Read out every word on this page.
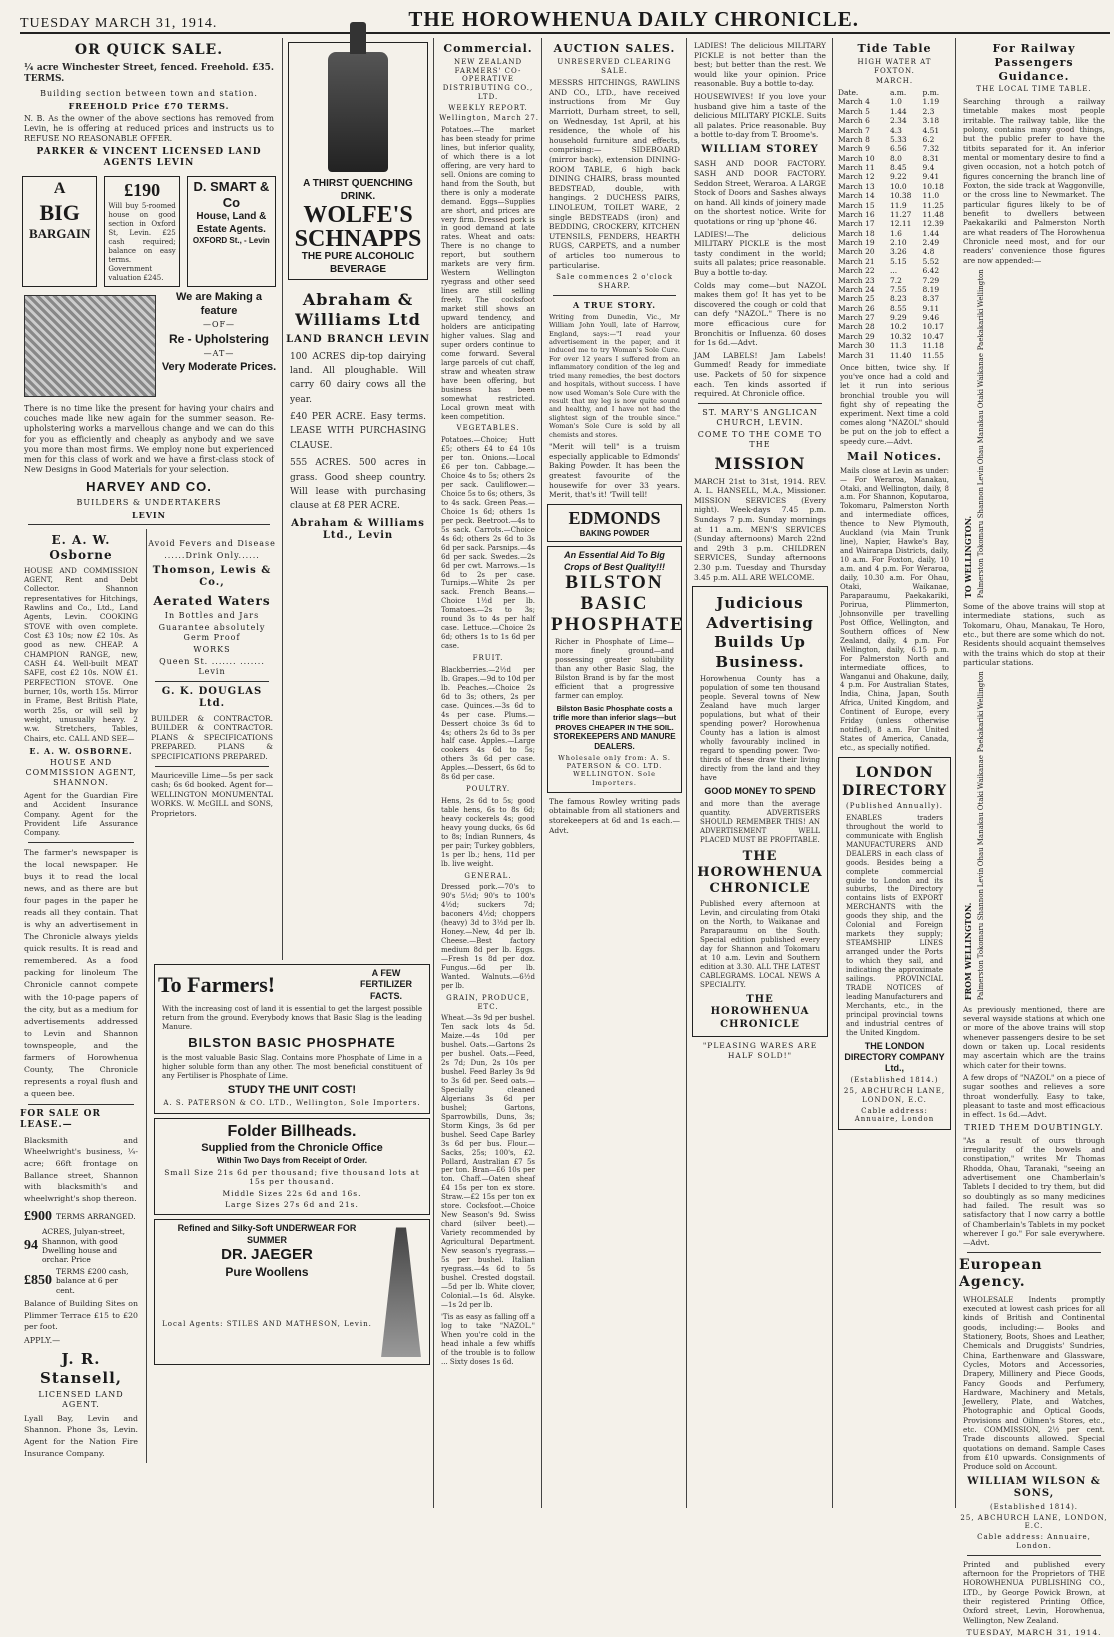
TUESDAY MARCH 31, 1914.	THE HOROWHENUA DAILY CHRONICLE.
OR QUICK SALE.
¼ acre Winchester Street, fenced. Freehold. £35. TERMS.
Building section between town and station.
FREEHOLD Price £70 TERMS.
N. B. As the owner of the above sections has removed from Levin, he is offering at reduced prices and instructs us to REFUSE NO REASONABLE OFFER.
PARKER & VINCENT LICENSED LAND AGENTS LEVIN
A
BIG
BARGAIN
£190
Will buy 5-roomed house on good section in Oxford St, Levin. £25 cash required; balance on easy terms. Government valuation £245.
D. SMART & Co
House, Land & Estate Agents.
OXFORD St., - Levin
We are Making a feature
—OF—
Re - Upholstering
—AT—
Very Moderate Prices.
There is no time like the present for having your chairs and couches made like new again for the summer season. Re-upholstering works a marvellous change and we can do this for you as efficiently and cheaply as anybody and we save you more than most firms. We employ none but experienced men for this class of work and we have a first-class stock of New Designs in Good Materials for your selection.
HARVEY AND CO.
BUILDERS & UNDERTAKERS
LEVIN
E. A. W. Osborne
HOUSE AND COMMISSION AGENT, Rent and Debt Collector. Shannon representatives for Hitchings, Rawlins and Co., Ltd., Land Agents, Levin. COOKING STOVE with oven complete. Cost £3 10s; now £2 10s. As good as new. CHEAP. A CHAMPION RANGE, new, CASH £4. Well-built MEAT SAFE, cost £2 10s. NOW £1. PERFECTION STOVE. One burner, 10s, worth 15s. Mirror in Frame, Best British Plate, worth 25s, or will sell by weight, unusually heavy. 2 w.w. Stretchers, Tables, Chairs, etc. CALL AND SEE—
E. A. W. OSBORNE.
HOUSE AND COMMISSION AGENT, SHANNON.
Agent for the Guardian Fire and Accident Insurance Company. Agent for the Provident Life Assurance Company.
The farmer's newspaper is the local newspaper. He buys it to read the local news, and as there are but four pages in the paper he reads all they contain. That is why an advertisement in The Chronicle always yields quick results. It is read and remembered. As a food packing for linoleum The Chronicle cannot compete with the 10-page papers of the city, but as a medium for advertisements addressed to Levin and Shannon townspeople, and the farmers of Horowhenua County, The Chronicle represents a royal flush and a queen bee.
FOR SALE OR LEASE.—
Blacksmith and Wheelwright's business, ¼-acre; 66ft frontage on Ballance street, Shannon with blacksmith's and wheelwright's shop thereon.
£900 TERMS ARRANGED.
94
ACRES, Julyan-street, Shannon, with good Dwelling house and orchar. Price
£850
TERMS £200 cash, balance at 6 per cent.
Balance of Building Sites on Plimmer Terrace £15 to £20 per foot.
APPLY.—
J. R. Stansell,
LICENSED LAND AGENT.
Lyall Bay, Levin and Shannon. Phone 3s, Levin. Agent for the Nation Fire Insurance Company.
Avoid Fevers and Disease
......Drink Only......
Thomson, Lewis & Co.,
Aerated Waters
In Bottles and Jars
Guarantee absolutely Germ Proof
WORKS
Queen St. ....... ....... Levin
G. K. DOUGLAS Ltd.
BUILDER & CONTRACTOR. BUILDER & CONTRACTOR. PLANS & SPECIFICATIONS PREPARED. PLANS & SPECIFICATIONS PREPARED.
Mauriceville Lime—5s per sack cash; 6s 6d booked. Agent for— WELLINGTON MONUMENTAL WORKS. W. McGILL and SONS, Proprietors.
To Farmers!	A FEW FERTILIZER FACTS.
With the increasing cost of land it is essential to get the largest possible return from the ground. Everybody knows that Basic Slag is the leading Manure.
BILSTON BASIC PHOSPHATE
is the most valuable Basic Slag. Contains more Phosphate of Lime in a higher soluble form than any other. The most beneficial constituent of any Fertiliser is Phosphate of Lime.
STUDY THE UNIT COST!
A. S. PATERSON & CO. LTD., Wellington, Sole Importers.
Folder Billheads.
Supplied from the Chronicle Office
Within Two Days from Receipt of Order.
Small Size 21s 6d per thousand; five thousand lots at 15s per thousand.
Middle Sizes 22s 6d and 16s.
Large Sizes 27s 6d and 21s.
Refined and Silky-Soft UNDERWEAR FOR SUMMER
DR. JAEGER
Pure Woollens
Local Agents: STILES AND MATHESON, Levin.
A THIRST QUENCHING DRINK.
WOLFE'S SCHNAPPS
THE PURE ALCOHOLIC BEVERAGE
Abraham & Williams Ltd
LAND BRANCH LEVIN
100 ACRES dip-top dairying land. All ploughable. Will carry 60 dairy cows all the year.
£40 PER ACRE. Easy terms. LEASE WITH PURCHASING CLAUSE.
555 ACRES. 500 acres in grass. Good sheep country. Will lease with purchasing clause at £8 PER ACRE.
Abraham & Williams Ltd., Levin
Commercial.
NEW ZEALAND FARMERS' CO-OPERATIVE DISTRIBUTING CO., LTD.
WEEKLY REPORT.
Wellington, March 27.
Potatoes.—The market has been steady for prime lines, but inferior quality, of which there is a lot offering, are very hard to sell. Onions are coming to hand from the South, but there is only a moderate demand. Eggs—Supplies are short, and prices are very firm. Dressed pork is in good demand at late rates. Wheat and oats: There is no change to report, but southern markets are very firm. Western Wellington ryegrass and other seed lines are still selling freely. The cocksfoot market still shows an upward tendency, and holders are anticipating higher values. Slag and super orders continue to come forward. Several large parcels of cut chaff, straw and wheaten straw have been offering, but business has been somewhat restricted. Local grown meat with keen competition.
VEGETABLES.
Potatoes.—Choice; Hutt £5; others £4 to £4 10s per ton. Onions.—Local £6 per ton. Cabbage.—Choice 4s to 5s; others 2s per sack. Cauliflower.—Choice 5s to 6s; others, 3s to 4s sack. Green Peas.—Choice 1s 6d; others 1s per peck. Beetroot.—4s to 5s sack. Carrots.—Choice 4s 6d; others 2s 6d to 3s 6d per sack. Parsnips.—4s 6d per sack. Swedes.—2s 6d per cwt. Marrows.—1s 6d to 2s per case. Turnips.—White 2s per sack. French Beans.—Choice 1½d per lb. Tomatoes.—2s to 3s; round 3s to 4s per half case. Lettuce.—Choice 2s 6d; others 1s to 1s 6d per case.
FRUIT.
Blackberries.—2½d per lb. Grapes.—9d to 10d per lb. Peaches.—Choice 2s 6d to 3s; others, 2s per case. Quinces.—3s 6d to 4s per case. Plums.—Dessert choice 3s 6d to 4s; others 2s 6d to 3s per half case. Apples.—Large cookers 4s 6d to 5s; others 3s 6d per case. Apples.—Dessert, 6s 6d to 8s 6d per case.
POULTRY.
Hens, 2s 6d to 5s; good table hens, 6s to 8s 6d; heavy cockerels 4s; good heavy young ducks, 6s 6d to 8s; Indian Runners, 4s per pair; Turkey gobblers, 1s per lb.; hens, 11d per lb. live weight.
GENERAL.
Dressed pork.—70's to 90's 5½d; 90's to 100's 4½d; suckers 7d; baconers 4½d; choppers (heavy) 3d to 3½d per lb. Honey.—New, 4d per lb. Cheese.—Best factory medium 8d per lb. Eggs.—Fresh 1s 8d per doz. Fungus.—6d per lb. Wanted. Walnuts.—6½d per lb.
GRAIN, PRODUCE, ETC.
Wheat.—3s 9d per bushel. Ten sack lots 4s 5d. Maize.—4s 10d per bushel. Oats.—Gartons 2s per bushel. Oats.—Feed, 2s 7d; Dun, 2s 10s per bushel. Feed Barley 3s 9d to 3s 6d per. Seed oats.—Specially cleaned Algerians 3s 6d per bushel; Gartons, Sparrowbills, Duns, 3s; Storm Kings, 3s 6d per bushel. Seed Cape Barley 3s 6d per bus. Flour.—Sacks, 25s; 100's, £2. Pollard, Australian £7 5s per ton. Bran—£6 10s per ton. Chaff.—Oaten sheaf £4 15s per ton ex store. Straw.—£2 15s per ton ex store. Cocksfoot.—Choice New Season's 9d. Swiss chard (silver beet).—Variety recommended by Agricultural Department. New season's ryegrass.—5s per bushel. Italian ryegrass.—4s 6d to 5s bushel. Crested dogstail.—5d per lb. White clover, Colonial.—1s 6d. Alsyke.—1s 2d per lb.
'Tis as easy as falling off a log to take "NAZOL." When you're cold in the head inhale a few whiffs of the trouble is to follow ... Sixty doses 1s 6d.
AUCTION SALES.
UNRESERVED CLEARING SALE.
MESSRS HITCHINGS, RAWLINS AND CO., LTD., have received instructions from Mr Guy Marriott, Durham street, to sell, on Wednesday, 1st April, at his residence, the whole of his household furniture and effects, comprising:— SIDEBOARD (mirror back), extension DINING-ROOM TABLE, 6 high back DINING CHAIRS, brass mounted BEDSTEAD, double, with hangings. 2 DUCHESS PAIRS, LINOLEUM, TOILET WARE, 2 single BEDSTEADS (iron) and BEDDING, CROCKERY, KITCHEN UTENSILS, FENDERS, HEARTH RUGS, CARPETS, and a number of articles too numerous to particularise.
Sale commences 2 o'clock SHARP.
A TRUE STORY.
Writing from Dunedin, Vic., Mr William John Youll, late of Harrow, England, says:—"I read your advertisement in the paper, and it induced me to try Woman's Sole Cure. For over 12 years I suffered from an inflammatory condition of the leg and tried many remedies, the best doctors and hospitals, without success. I have now used Woman's Sole Cure with the result that my leg is now quite sound and healthy, and I have not had the slightest sign of the trouble since." Woman's Sole Cure is sold by all chemists and stores.
"Merit will tell" is a truism especially applicable to Edmonds' Baking Powder. It has been the greatest favourite of the housewife for over 33 years. Merit, that's it! 'Twill tell!
EDMONDS
BAKING POWDER
An Essential Aid To Big Crops of Best Quality!!!
BILSTON BASIC PHOSPHATE
Richer in Phosphate of Lime—more finely ground—and possessing greater solubility than any other Basic Slag, the Bilston Brand is by far the most efficient that a progressive farmer can employ.
Bilston Basic Phosphate costs a trifle more than inferior slags—but PROVES CHEAPER IN THE SOIL.
STOREKEEPERS AND MANURE DEALERS.
Wholesale only from: A. S. PATERSON & CO. LTD. WELLINGTON. Sole Importers.
The famous Rowley writing pads obtainable from all stationers and storekeepers at 6d and 1s each.—Advt.
LADIES! The delicious MILITARY PICKLE is not better than the best; but better than the rest. We would like your opinion. Price reasonable. Buy a bottle to-day.
HOUSEWIVES! If you love your husband give him a taste of the delicious MILITARY PICKLE. Suits all palates. Price reasonable. Buy a bottle to-day from T. Broome's.
WILLIAM STOREY
SASH AND DOOR FACTORY. SASH AND DOOR FACTORY. Seddon Street, Weraroa. A LARGE Stock of Doors and Sashes always on hand. All kinds of joinery made on the shortest notice. Write for quotations or ring up 'phone 46.
LADIES!—The delicious MILITARY PICKLE is the most tasty condiment in the world; suits all palates; price reasonable. Buy a bottle to-day.
Colds may come—but NAZOL makes them go! It has yet to be discovered the cough or cold that can defy "NAZOL." There is no more efficacious cure for Bronchitis or Influenza. 60 doses for 1s 6d.—Advt.
JAM LABELS! Jam Labels! Gummed! Ready for immediate use. Packets of 50 for sixpence each. Ten kinds assorted if required. At Chronicle office.
ST. MARY'S ANGLICAN CHURCH, LEVIN.
COME TO THE COME TO THE
MISSION
MARCH 21st to 31st, 1914. REV. A. L. HANSELL, M.A., Missioner. MISSION SERVICES (Every night). Week-days 7.45 p.m. Sundays 7 p.m. Sunday mornings at 11 a.m. MEN'S SERVICES (Sunday afternoons) March 22nd and 29th 3 p.m. CHILDREN SERVICES, Sunday afternoons 2.30 p.m. Tuesday and Thursday 3.45 p.m. ALL ARE WELCOME.
Judicious Advertising Builds Up Business.
Horowhenua County has a population of some ten thousand people. Several towns of New Zealand have much larger populations, but what of their spending power? Horowhenua County has a lation is almost wholly favourably inclined in regard to spending power. Two-thirds of these draw their living directly from the land and they have
GOOD MONEY TO SPEND
and more than the average quantity. ADVERTISERS SHOULD REMEMBER THIS! AN ADVERTISEMENT WELL PLACED MUST BE PROFITABLE.
THE HOROWHENUA CHRONICLE
Published every afternoon at Levin, and circulating from Otaki on the North, to Waikanae and Paraparaumu on the South. Special edition published every day for Shannon and Tokomaru at 10 a.m. Levin and Southern edition at 3.30. ALL THE LATEST CABLEGRAMS. LOCAL NEWS A SPECIALITY.
THE HOROWHENUA CHRONICLE
"PLEASING WARES ARE HALF SOLD!"
Tide Table
HIGH WATER AT FOXTON.
MARCH.
Date.	a.m.	p.m.
March 4	1.0	1.19
March 5	1.44	2.3
March 6	2.34	3.18
March 7	4.3	4.51
March 8	5.33	6.2
March 9	6.56	7.32
March 10	8.0	8.31
March 11	8.45	9.4
March 12	9.22	9.41
March 13	10.0	10.18
March 14	10.38	11.0
March 15	11.9	11.25
March 16	11.27	11.48
March 17	12.11	12.39
March 18	1.6	1.44
March 19	2.10	2.49
March 20	3.26	4.8
March 21	5.15	5.52
March 22	...	6.42
March 23	7.2	7.29
March 24	7.55	8.19
March 25	8.23	8.37
March 26	8.55	9.11
March 27	9.29	9.46
March 28	10.2	10.17
March 29	10.32	10.47
March 30	11.3	11.18
March 31	11.40	11.55
Once bitten, twice shy. If you've once had a cold and let it run into serious bronchial trouble you will fight shy of repeating the experiment. Next time a cold comes along "NAZOL" should be put on the job to effect a speedy cure.—Advt.
Mail Notices.
Mails close at Levin as under:— For Weraroa, Manakau, Otaki, and Wellington, daily, 8 a.m. For Shannon, Koputaroa, Tokomaru, Palmerston North and intermediate offices, thence to New Plymouth, Auckland (via Main Trunk line), Napier, Hawke's Bay, and Wairarapa Districts, daily, 10 a.m. For Foxton, daily, 10 a.m. and 4 p.m. For Weraroa, daily, 10.30 a.m. For Ohau, Otaki, Waikanae, Paraparaumu, Paekakariki, Porirua, Plimmerton, Johnsonville per travelling Post Office, Wellington, and Southern offices of New Zealand, daily, 4 p.m. For Wellington, daily, 6.15 p.m. For Palmerston North and intermediate offices, to Wanganui and Ohakune, daily, 4 p.m. For Australian States, India, China, Japan, South Africa, United Kingdom, and Continent of Europe, every Friday (unless otherwise notified), 8 a.m. For United States of America, Canada, etc., as specially notified.
LONDON DIRECTORY
(Published Annually).
ENABLES traders throughout the world to communicate with English MANUFACTURERS AND DEALERS in each class of goods. Besides being a complete commercial guide to London and its suburbs, the Directory contains lists of EXPORT MERCHANTS with the goods they ship, and the Colonial and Foreign markets they supply; STEAMSHIP LINES arranged under the Ports to which they sail, and indicating the approximate sailings. PROVINCIAL TRADE NOTICES of leading Manufacturers and Merchants, etc., in the principal provincial towns and industrial centres of the United Kingdom.
THE LONDON DIRECTORY COMPANY Ltd.,
(Established 1814.)
25, ABCHURCH LANE, LONDON, E.C.
Cable address: Annuaire, London
For Railway Passengers Guidance.
THE LOCAL TIME TABLE.
Searching through a railway timetable makes most people irritable. The railway table, like the polony, contains many good things, but the public prefer to have the titbits separated for it. An inferior mental or momentary desire to find a given occasion, not a hotch potch of figures concerning the branch line of Foxton, the side track at Waggonville, or the cross line to Newmarket. The particular figures likely to be of benefit to dwellers between Paekakariki and Palmerston North are what readers of The Horowhenua Chronicle need most, and for our readers' convenience those figures are now appended:—
TO WELLINGTON. Palmerston
Tokomaru
Shannon
Levin
Ohau
Manakau
Otaki
Waikanae
Paekakariki
Wellington
Some of the above trains will stop at intermediate stations, such as Tokomaru, Ohau, Manakau, Te Horo, etc., but there are some which do not. Residents should acquaint themselves with the trains which do stop at their particular stations.
FROM WELLINGTON. Palmerston
Tokomaru
Shannon
Levin
Ohau
Manakau
Otaki
Waikanae
Paekakariki
Wellington
As previously mentioned, there are several wayside stations at which one or more of the above trains will stop whenever passengers desire to be set down or taken up. Local residents may ascertain which are the trains which cater for their towns.
A few drops of "NAZOL" on a piece of sugar soothes and relieves a sore throat wonderfully. Easy to take, pleasant to taste and most efficacious in effect. 1s 6d.—Advt.
TRIED THEM DOUBTINGLY.
"As a result of ours through irregularity of the bowels and constipation," writes Mr Thomas Rhodda, Ohau, Taranaki, "seeing an advertisement one Chamberlain's Tablets I decided to try them, but did so doubtingly as so many medicines had failed. The result was so satisfactory that I now carry a bottle of Chamberlain's Tablets in my pocket wherever I go." For sale everywhere.—Advt.
European Agency.
WHOLESALE Indents promptly executed at lowest cash prices for all kinds of British and Continental goods, including:— Books and Stationery, Boots, Shoes and Leather, Chemicals and Druggists' Sundries, China, Earthenware and Glassware, Cycles, Motors and Accessories, Drapery, Millinery and Piece Goods, Fancy Goods and Perfumery, Hardware, Machinery and Metals, Jewellery, Plate, and Watches, Photographic and Optical Goods, Provisions and Oilmen's Stores, etc., etc. COMMISSION, 2½ per cent. Trade discounts allowed. Special quotations on demand. Sample Cases from £10 upwards. Consignments of Produce sold on Account.
WILLIAM WILSON & SONS,
(Established 1814).
25, ABCHURCH LANE, LONDON, E.C.
Cable address: Annuaire, London.
Printed and published every afternoon for the Proprietors of THE HOROWHENUA PUBLISHING CO., LTD., by George Powick Brown, at their registered Printing Office, Oxford street, Levin, Horowhenua, Wellington, New Zealand.
TUESDAY, MARCH 31, 1914.
